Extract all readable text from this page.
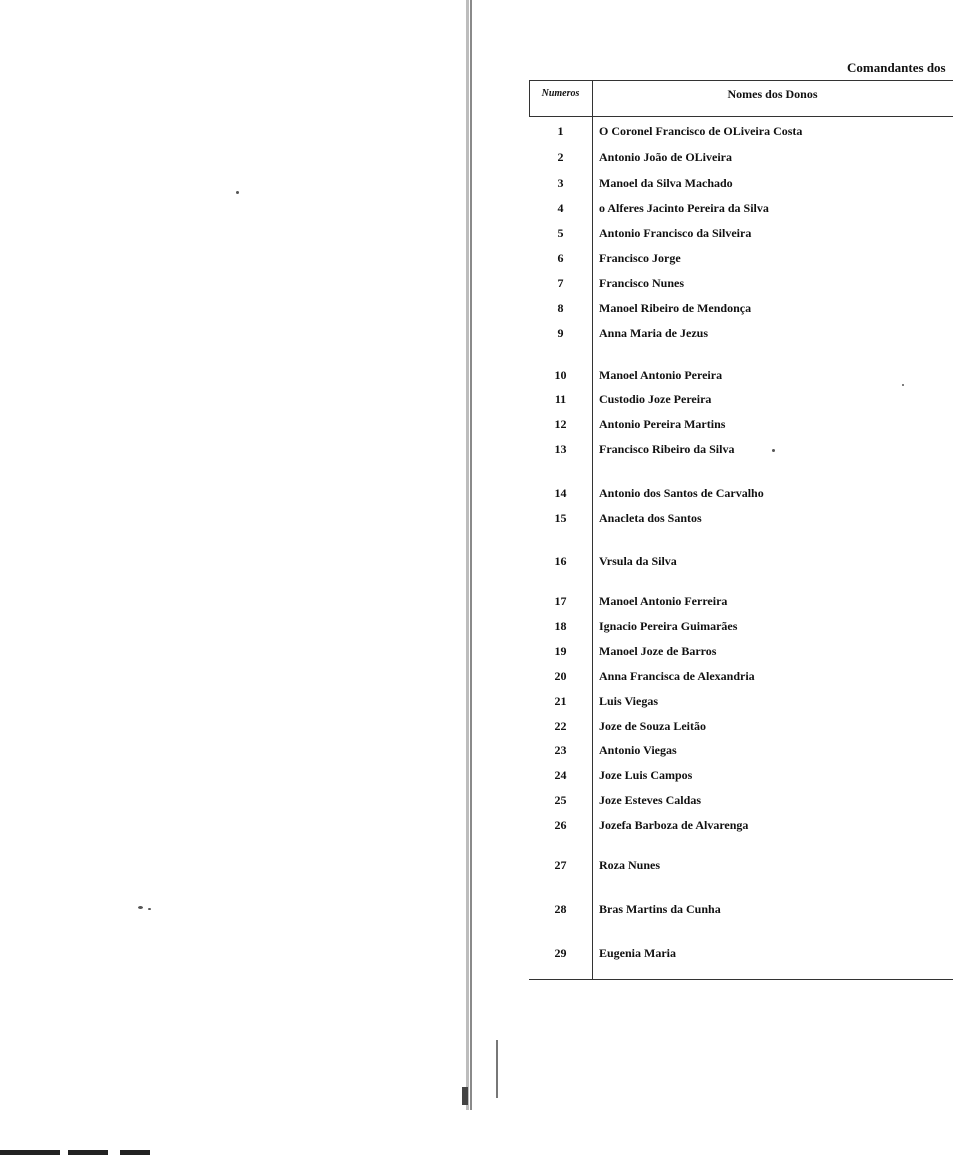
Comandantes dos
Numeros	Nomes dos Donos
1	O Coronel Francisco de OLiveira Costa
2	Antonio João de OLiveira
3	Manoel da Silva Machado
4	o Alferes Jacinto Pereira da Silva
5	Antonio Francisco da Silveira
6	Francisco Jorge
7	Francisco Nunes
8	Manoel Ribeiro de Mendonça
9	Anna Maria de Jezus
10	Manoel Antonio Pereira
11	Custodio Joze Pereira
12	Antonio Pereira Martins
13	Francisco Ribeiro da Silva
14	Antonio dos Santos de Carvalho
15	Anacleta dos Santos
16	Vrsula da Silva
17	Manoel Antonio Ferreira
18	Ignacio Pereira Guimarães
19	Manoel Joze de Barros
20	Anna Francisca de Alexandria
21	Luis Viegas
22	Joze de Souza Leitão
23	Antonio Viegas
24	Joze Luis Campos
25	Joze Esteves Caldas
26	Jozefa Barboza de Alvarenga
27	Roza Nunes
28	Bras Martins da Cunha
29	Eugenia Maria
